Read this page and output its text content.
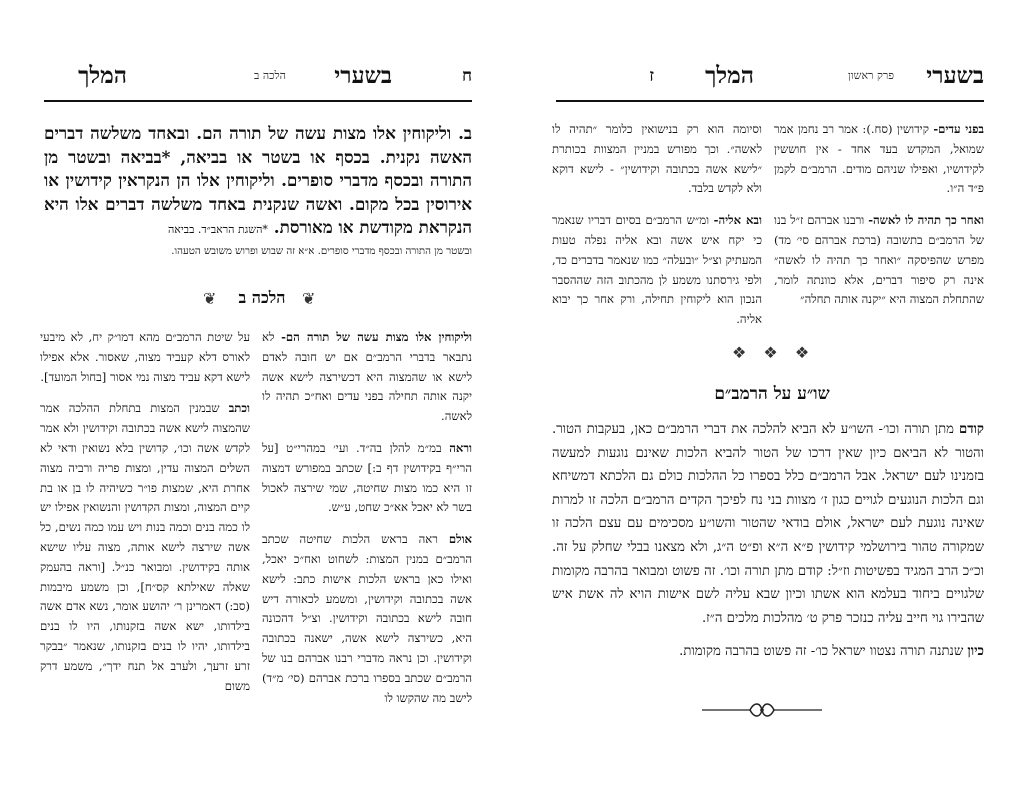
בשערי
הלכה ב
המלך	ח
ב. וליקוחין אלו מצות עשה של תורה הם. ובאחד משלשה דברים האשה נקנית. בכסף או בשטר או בביאה, *בביאה ובשטר מן התורה ובכסף מדברי סופרים. וליקוחין אלו הן הנקראין קידושין או אירוסין בכל מקום. ואשה שנקנית באחד משלשה דברים אלו היא הנקראת מקודשת או מאורסת. *השגת הראב״ד. בביאה
ובשטר מן התורה ובכסף מדברי סופרים. א״א זה שבוש ופרוש משובש הטעהו.
❦	הלכה ב	❦

וליקוחין אלו מצות עשה של תורה הם- לא נתבאר בדברי הרמב״ם אם יש חובה לאדם לישא או שהמצוה היא דכשירצה לישא אשה יקנה אותה תחילה בפני עדים ואח״כ תהיה לו לאשה.

וראה במ״מ להלן בה״ד. ועי׳ במהרי״ט [על הרי״ף בקידושין דף ב:] שכתב במפורש דמצוה זו היא כמו מצות שחיטה, שמי שירצה לאכול בשר לא יאכל אא״כ שחט, ע״ש.

אולם ראה בראש הלכות שחיטה שכתב הרמב״ם במנין המצות: לשחוט ואח״כ יאכל, ואילו כאן בראש הלכות אישות כתב: לישא אשה בכתובה וקידושין, ומשמע לכאורה דיש חובה לישא בכתובה וקידושין. וצ״ל דהכונה היא, כשירצה לישא אשה, ישאנה בכתובה וקידושין. וכן נראה מדברי רבנו אברהם בנו של הרמב״ם שכתב בספרו ברכת אברהם (סי׳ מ״ד) לישב מה שהקשו לו

על שיטת הרמב״ם מהא דמו״ק יח, לא מיבעי לאורס דלא קעביד מצוה, שאסור. אלא אפילו לישא דקא עביד מצוה נמי אסור [בחול המועד].

וכתב שבמנין המצות בתחלת ההלכה אמר שהמצוה לישא אשה בכתובה וקידושין ולא אמר לקדש אשה וכו׳, קדושין בלא נשואין ודאי לא השלים המצוה עדין, ומצות פריה ורביה מצוה אחרת היא, שמצות פו״ר כשיהיה לו בן או בת קיים המצוה, ומצות הקדושין והנשואין אפילו יש לו כמה בנים וכמה בנות ויש עמו כמה נשים, כל אשה שירצה לישא אותה, מצוה עליו שישא אותה בקידושין. ומבואר כנ״ל. [וראה בהעמק שאלה שאילתא קס״ח], וכן משמע מיבמות (סב:) דאמרינן ר׳ יהושע אומר, נשא אדם אשה בילדותו, ישא אשה בזקנותו, היו לו בנים בילדותו, יהיו לו בנים בזקנותו, שנאמר ״בבקר זרע זרעך, ולערב אל תנח ידך״, משמע דרק משום

בשערי
פרק ראשון
המלך
ז

בפני עדים- קידושין (סח.): אמר רב נחמן אמר שמואל, המקדש בעד אחד - אין חוששין לקידושיו, ואפילו שניהם מודים. הרמב״ם לקמן פ״ד ה״ו.

ואחר כך תהיה לו לאשה- ורבנו אברהם ז״ל בנו של הרמב״ם בתשובה (ברכת אברהם סי׳ מד) מפרש שהפיסקה ״ואחר כך תהיה לו לאשה״ אינה רק סיפור דברים, אלא כוונתה לומר, שהתחלת המצוה היא ״יקנה אותה תחלה״

וסיומה הוא רק בנישואין כלומר ״תהיה לו לאשה״. וכך מפורש במניין המצוות בכותרת ״לישא אשה בכתובה וקידושין״ - לישא דוקא ולא לקדש בלבד.

ובא אליה- ומ״ש הרמב״ם בסיום דבריו שנאמר כי יקח איש אשה ובא אליה נפלה טעות המעתיק וצ״ל ״ובעלה״ כמו שנאמר בדברים כד, ולפי גירסתנו משמע לן מהכתוב הזה שההסבר הנכון הוא ליקוחין תחילה, ורק אחר כך יבוא אליה.

❖ ❖ ❖
שו״ע על הרמב״ם

קודם מתן תורה וכו׳- השו״ע לא הביא להלכה את דברי הרמב״ם כאן, בעקבות הטור. והטור לא הביאם כיון שאין דרכו של הטור להביא הלכות שאינם נוגעות למעשה בזמנינו לעם ישראל. אבל הרמב״ם כלל בספרו כל ההלכות כולם גם הלכתא דמשיחא וגם הלכות הנוגעים לגויים כגון ז׳ מצוות בני נח לפיכך הקדים הרמב״ם הלכה זו למרות שאינה נוגעת לעם ישראל, אולם בודאי שהטור והשו״ע מסכימים עם עצם הלכה זו שמקורה טהור בירושלמי קידושין פ״א ה״א ופ״ט ה״ג, ולא מצאנו בבלי שחלק על זה. וכ״כ הרב המגיד בפשיטות וז״ל: קודם מתן תורה וכו׳. זה פשוט ומבואר בהרבה מקומות שלגויים ביחוד בעלמא הוא אשתו וכיון שבא עליה לשם אישות הויא לה אשת איש שהבירו גוי חייב עליה כנזכר פרק ט׳ מהלכות מלכים ה״ז.

כיון שנתנה תורה נצטוו ישראל כו׳- זה פשוט בהרבה מקומות.
